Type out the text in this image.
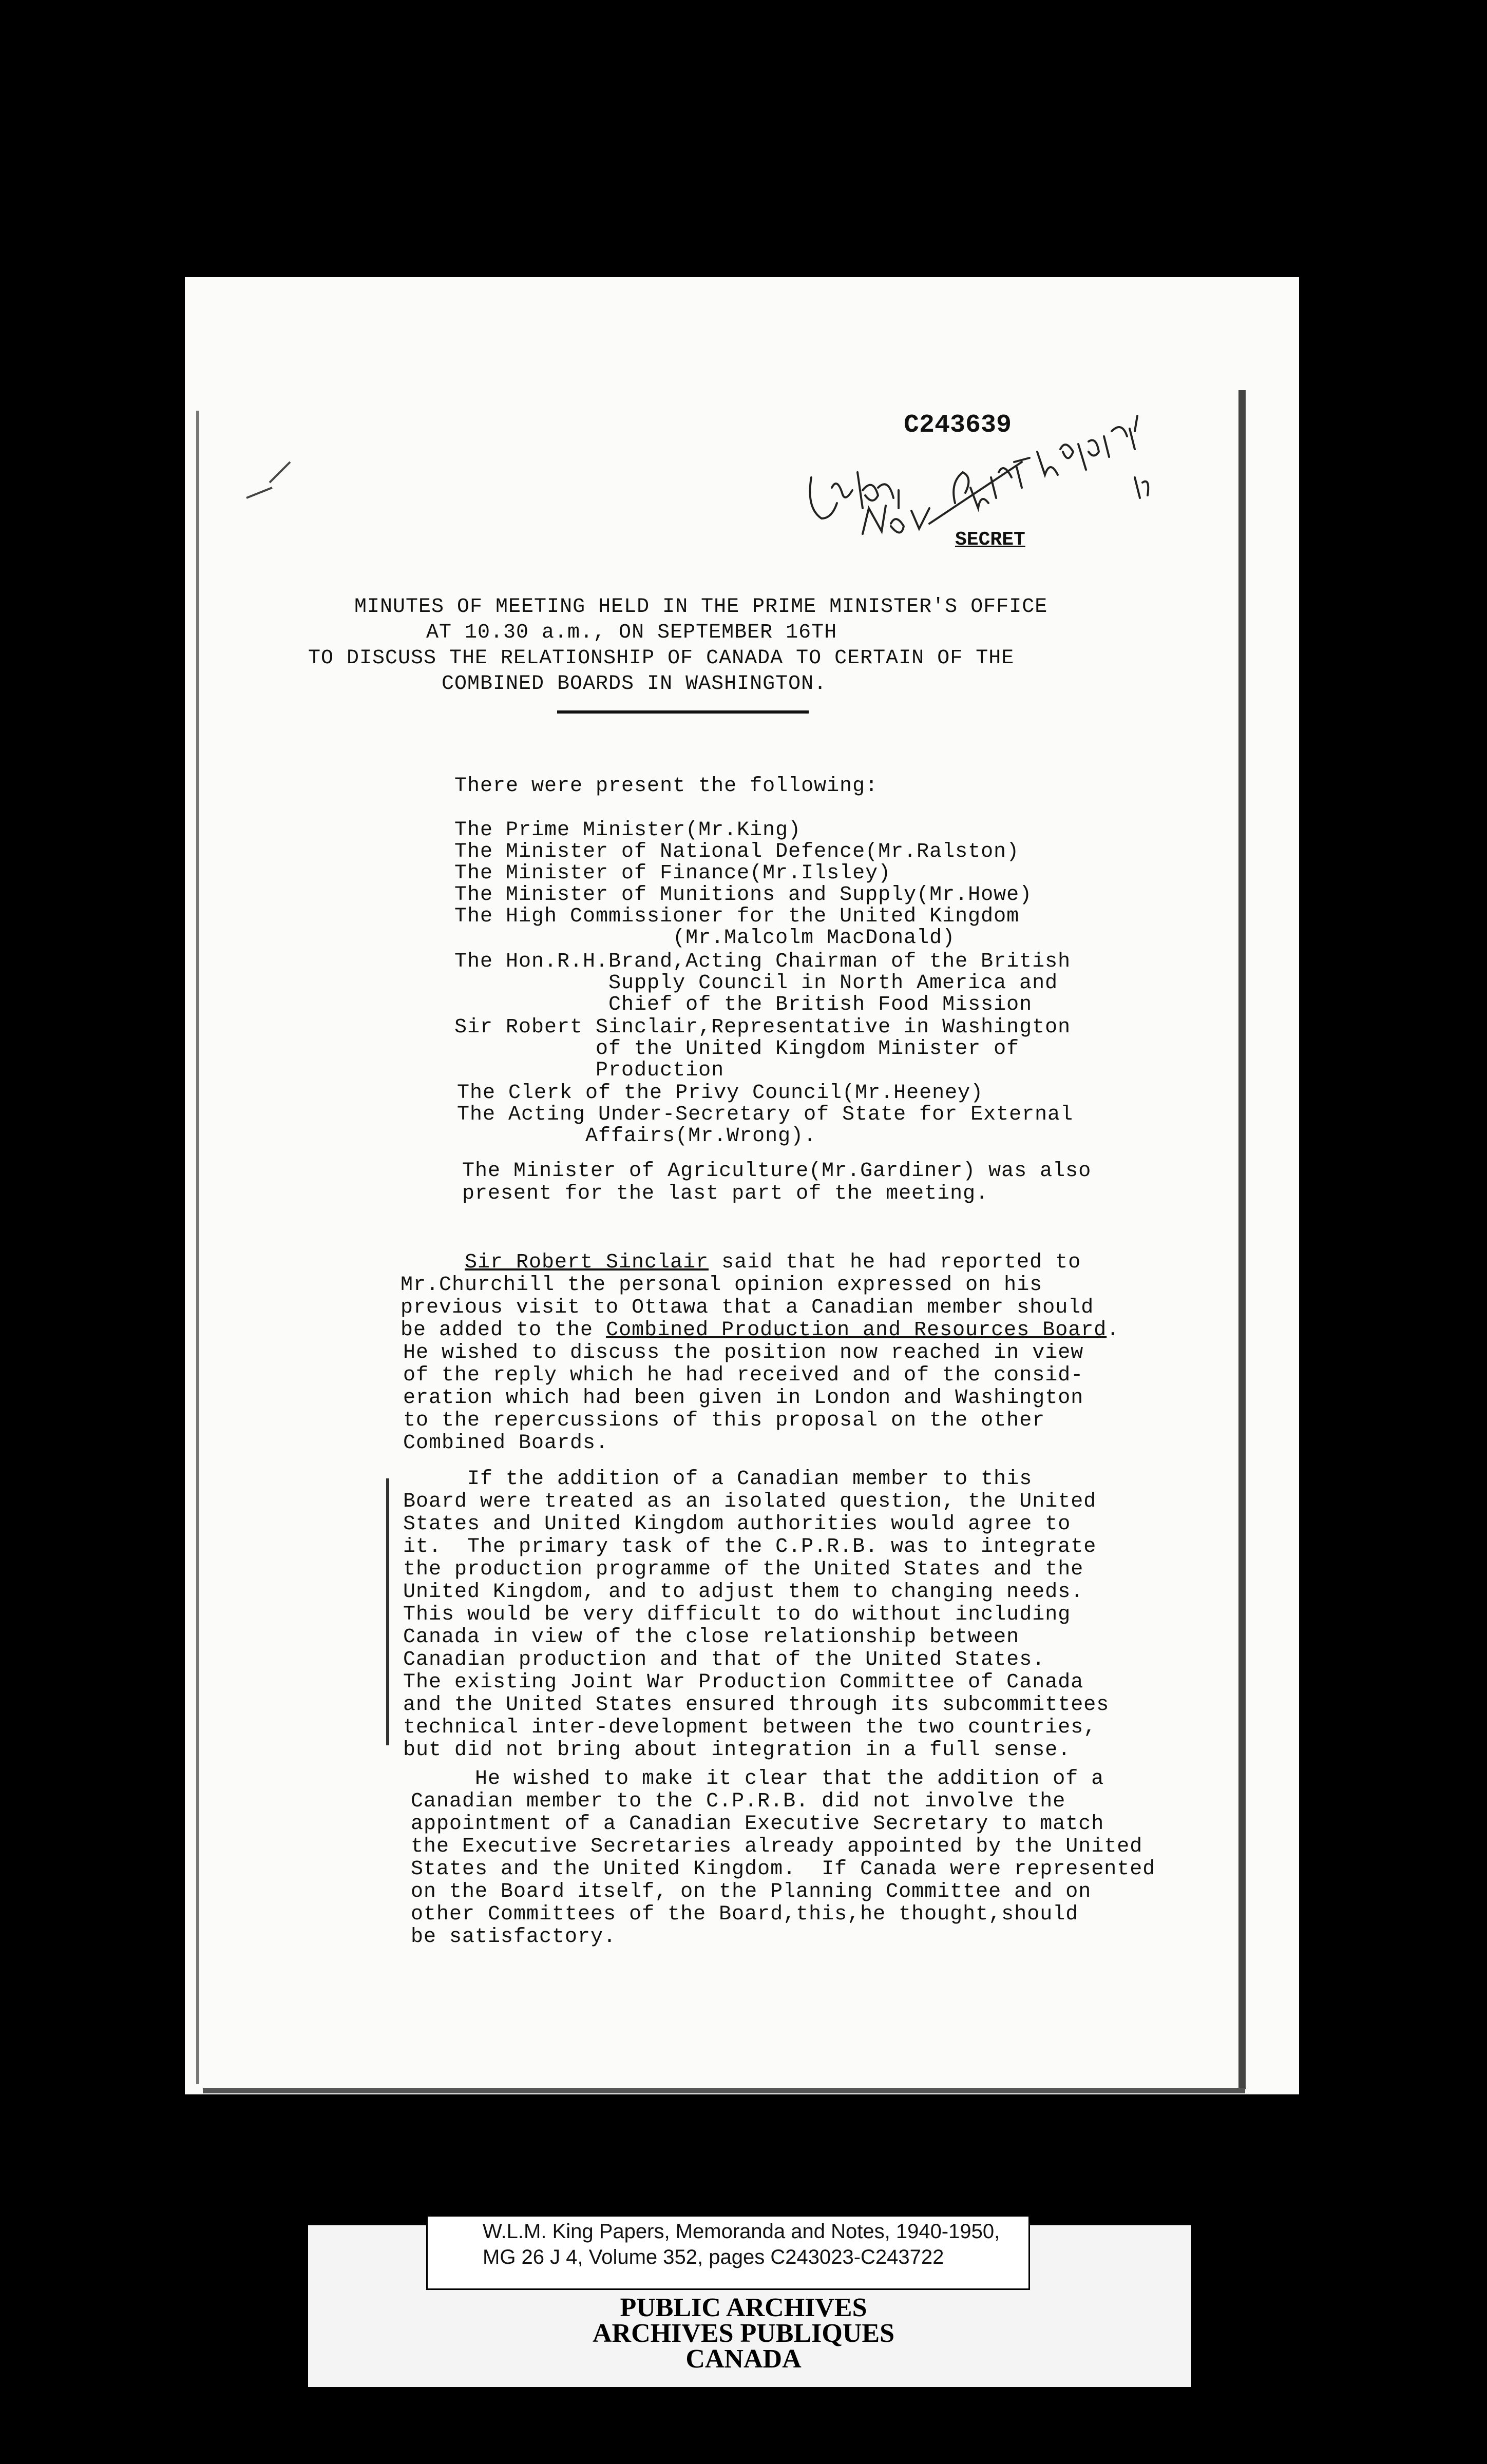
C243639
SECRET
MINUTES OF MEETING HELD IN THE PRIME MINISTER'S OFFICE
AT 10.30 a.m., ON SEPTEMBER 16TH
TO DISCUSS THE RELATIONSHIP OF CANADA TO CERTAIN OF THE
COMBINED BOARDS IN WASHINGTON.
There were present the following:
The Prime Minister(Mr.King)
The Minister of National Defence(Mr.Ralston)
The Minister of Finance(Mr.Ilsley)
The Minister of Munitions and Supply(Mr.Howe)
The High Commissioner for the United Kingdom
(Mr.Malcolm MacDonald)
The Hon.R.H.Brand,Acting Chairman of the British
Supply Council in North America and
Chief of the British Food Mission
Sir Robert Sinclair,Representative in Washington
of the United Kingdom Minister of
Production
The Clerk of the Privy Council(Mr.Heeney)
The Acting Under-Secretary of State for External
Affairs(Mr.Wrong).
The Minister of Agriculture(Mr.Gardiner) was also
present for the last part of the meeting.
Sir Robert Sinclair said that he had reported to
Mr.Churchill the personal opinion expressed on his
previous visit to Ottawa that a Canadian member should
be added to the Combined Production and Resources Board.
He wished to discuss the position now reached in view
of the reply which he had received and of the consid-
eration which had been given in London and Washington
to the repercussions of this proposal on the other
Combined Boards.
If the addition of a Canadian member to this
Board were treated as an isolated question, the United
States and United Kingdom authorities would agree to
it.  The primary task of the C.P.R.B. was to integrate
the production programme of the United States and the
United Kingdom, and to adjust them to changing needs.
This would be very difficult to do without including
Canada in view of the close relationship between
Canadian production and that of the United States.
The existing Joint War Production Committee of Canada
and the United States ensured through its subcommittees
technical inter-development between the two countries,
but did not bring about integration in a full sense.
He wished to make it clear that the addition of a
Canadian member to the C.P.R.B. did not involve the
appointment of a Canadian Executive Secretary to match
the Executive Secretaries already appointed by the United
States and the United Kingdom.  If Canada were represented
on the Board itself, on the Planning Committee and on
other Committees of the Board,this,he thought,should
be satisfactory.
W.L.M. King Papers, Memoranda and Notes, 1940-1950,
MG 26 J 4, Volume 352, pages C243023-C243722
PUBLIC ARCHIVES
ARCHIVES PUBLIQUES
CANADA
